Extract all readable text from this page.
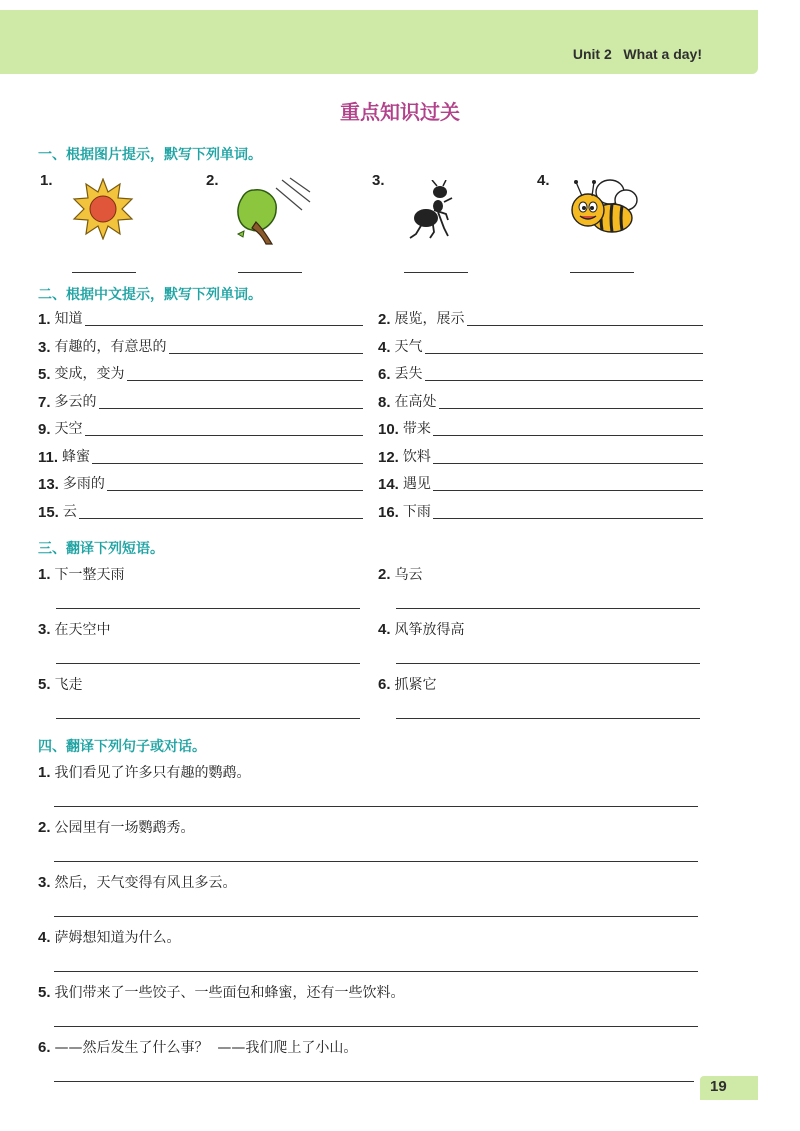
Unit 2 What a day!
重点知识过关
一、根据图片提示，默写下列单词。
1.	2.	3.	4.
二、根据中文提示，默写下列单词。
1. 知道	2. 展览，展示
3. 有趣的，有意思的	4. 天气
5. 变成，变为	6. 丢失
7. 多云的	8. 在高处
9. 天空	10. 带来
11. 蜂蜜	12. 饮料
13. 多雨的	14. 遇见
15. 云	16. 下雨
三、翻译下列短语。
1. 下一整天雨	2. 乌云
3. 在天空中	4. 风筝放得高
5. 飞走	6. 抓紧它
四、翻译下列句子或对话。
1. 我们看见了许多只有趣的鹦鹉。
2. 公园里有一场鹦鹉秀。
3. 然后，天气变得有风且多云。
4. 萨姆想知道为什么。
5. 我们带来了一些饺子、一些面包和蜂蜜，还有一些饮料。
6. ——然后发生了什么事？  ——我们爬上了小山。
19
